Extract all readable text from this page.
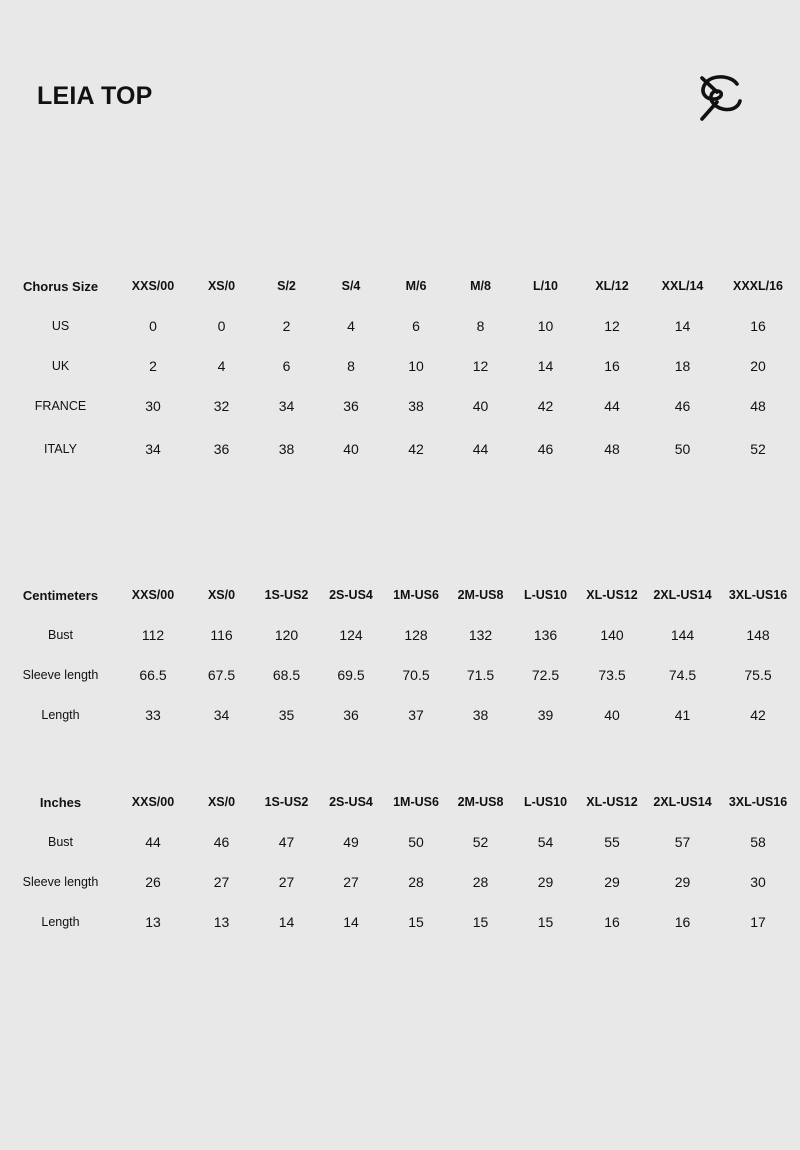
LEIA TOP
Chorus Size	XXS/00	XS/0	S/2	S/4	M/6	M/8	L/10	XL/12	XXL/14	XXXL/16
US	0	0	2	4	6	8	10	12	14	16
UK	2	4	6	8	10	12	14	16	18	20
FRANCE	30	32	34	36	38	40	42	44	46	48
ITALY	34	36	38	40	42	44	46	48	50	52
Centimeters	XXS/00	XS/0	1S-US2	2S-US4	1M-US6	2M-US8	L-US10	XL-US12	2XL-US14	3XL-US16
Bust	112	116	120	124	128	132	136	140	144	148
Sleeve length	66.5	67.5	68.5	69.5	70.5	71.5	72.5	73.5	74.5	75.5
Length	33	34	35	36	37	38	39	40	41	42
Inches	XXS/00	XS/0	1S-US2	2S-US4	1M-US6	2M-US8	L-US10	XL-US12	2XL-US14	3XL-US16
Bust	44	46	47	49	50	52	54	55	57	58
Sleeve length	26	27	27	27	28	28	29	29	29	30
Length	13	13	14	14	15	15	15	16	16	17
